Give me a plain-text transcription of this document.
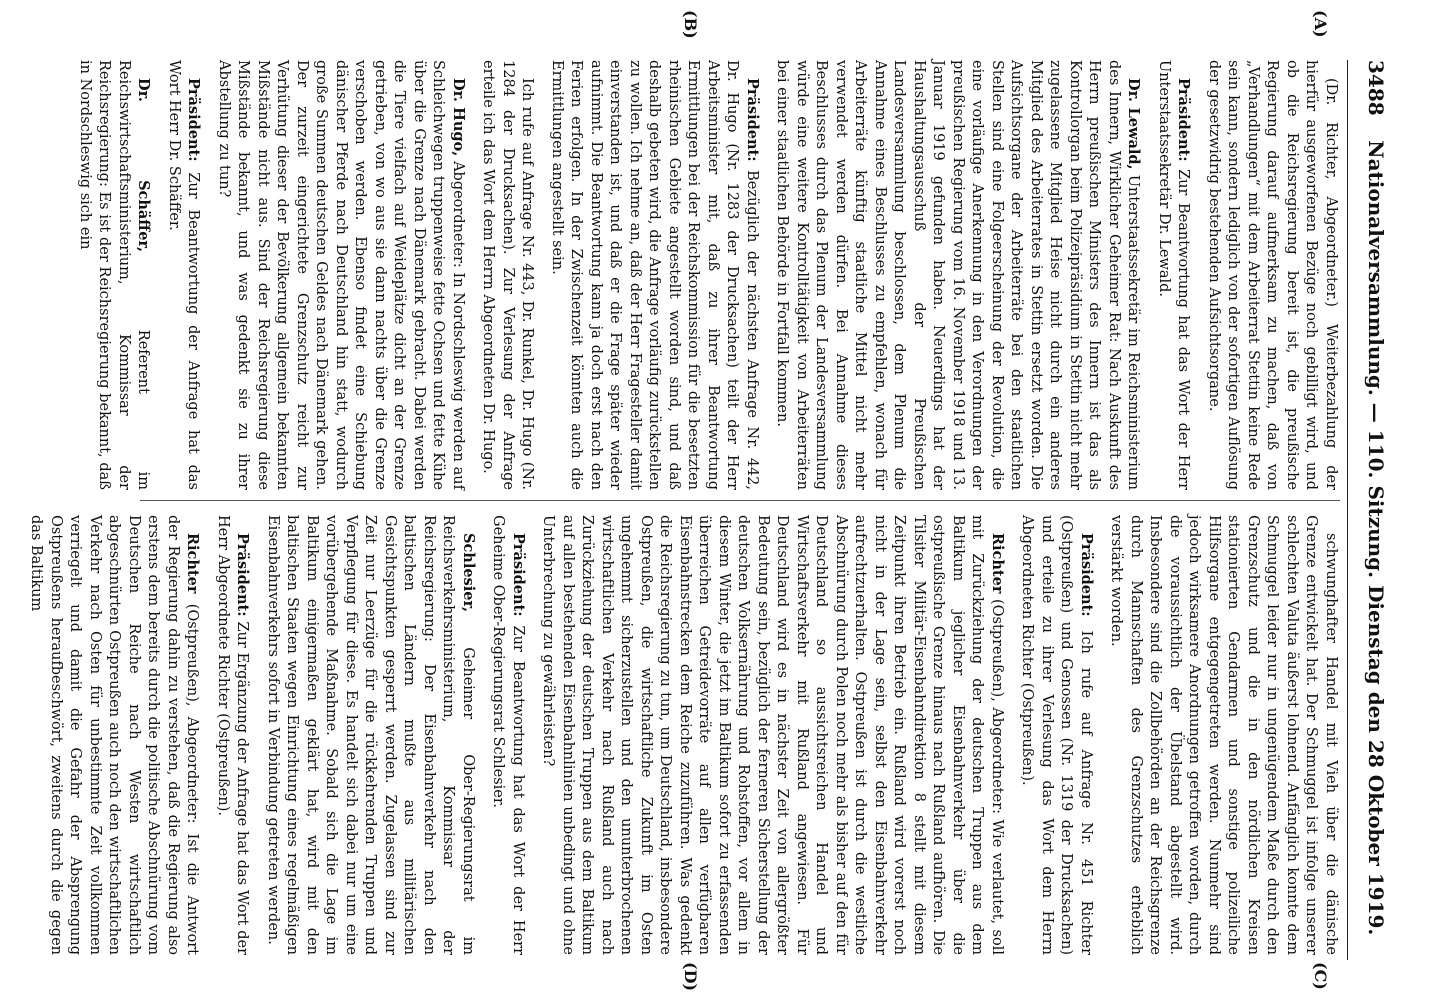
3488
Nationalversammlung. — 110. Sitzung. Dienstag den 28 Oktober 1919.
(A)
(B)
(C)
(D)

(Dr. Richter, Abgeordneter.) Weiterbezahlung der hierfür ausgeworfenen Bezüge noch gebilligt wird, und ob die Reichsregierung bereit ist, die preußische Regierung darauf aufmerksam zu machen, daß von „Verhandlungen“ mit dem Arbeiterrat Stettin keine Rede sein kann, sondern lediglich von der sofortigen Auflösung der gesetzwidrig bestehenden Aufsichtsorgane.

Präsident: Zur Beantwortung hat das Wort der Herr Unterstaatssekretär Dr. Lewald.

Dr. Lewald, Unterstaatssekretär im Reichsministerium des Innern, Wirklicher Geheimer Rat: Nach Auskunft des Herrn preußischen Ministers des Innern ist das als Kontrollorgan beim Polizeipräsidium in Stettin nicht mehr zugelassene Mitglied Heise nicht durch ein anderes Mitglied des Arbeiterrates in Stettin ersetzt worden. Die Aufsichtsorgane der Arbeiterräte bei den staatlichen Stellen sind eine Folgeerscheinung der Revolution, die eine vorläufige Anerkennung in den Verordnungen der preußischen Regierung vom 16. November 1918 und 13. Januar 1919 gefunden haben. Neuerdings hat der Haushaltungsausschuß der Preußischen Landesversammlung beschlossen, dem Plenum die Annahme eines Beschlusses zu empfehlen, wonach für Arbeiterräte künftig staatliche Mittel nicht mehr verwendet werden dürfen. Bei Annahme dieses Beschlusses durch das Plenum der Landesversammlung würde eine weitere Kontrolltätigkeit von Arbeiterräten bei einer staatlichen Behörde in Fortfall kommen.

Präsident: Bezüglich der nächsten Anfrage Nr. 442, Dr. Hugo (Nr. 1283 der Drucksachen) teilt der Herr Arbeitsminister mit, daß zu ihrer Beantwortung Ermittlungen bei der Reichskommission für die besetzten rheinischen Gebiete angestellt worden sind, und daß deshalb gebeten wird, die Anfrage vorläufig zurückstellen zu wollen. Ich nehme an, daß der Herr Fragesteller damit einverstanden ist, und daß er die Frage später wieder aufnimmt. Die Beantwortung kann ja doch erst nach den Ferien erfolgen. In der Zwischenzeit könnten auch die Ermittlungen angestellt sein.

Ich rufe auf Anfrage Nr. 443, Dr. Runkel, Dr. Hugo (Nr. 1284 der Drucksachen). Zur Verlesung der Anfrage erteile ich das Wort dem Herrn Abgeordneten Dr. Hugo.

Dr. Hugo, Abgeordneter: In Nordschleswig werden auf Schleichwegen truppenweise fette Ochsen und fette Kühe über die Grenze nach Dänemark gebracht. Dabei werden die Tiere vielfach auf Weideplätze dicht an der Grenze getrieben, von wo aus sie dann nachts über die Grenze verschoben werden. Ebenso findet eine Schiebung dänischer Pferde nach Deutschland hin statt, wodurch große Summen deutschen Geldes nach Dänemark gehen. Der zurzeit eingerichtete Grenzschutz reicht zur Verhütung dieser der Bevölkerung allgemein bekannten Mißstände nicht aus. Sind der Reichsregierung diese Mißstände bekannt, und was gedenkt sie zu ihrer Abstellung zu tun?

Präsident: Zur Beantwortung der Anfrage hat das Wort Herr Dr. Schäffer.

Dr. Schäffer, Referent im Reichswirtschaftsministerium, Kommissar der Reichsregierung: Es ist der Reichsregierung bekannt, daß in Nordschleswig sich ein

schwunghafter Handel mit Vieh über die dänische Grenze entwickelt hat. Der Schmuggel ist infolge unserer schlechten Valuta äußerst lohnend. Anfänglich konnte dem Schmuggel leider nur in ungenügendem Maße durch den Grenzschutz und die in den nördlichen Kreisen stationierten Gendarmen und sonstige polizeiliche Hilfsorgane entgegengetreten werden. Nunmehr sind jedoch wirksamere Anordnungen getroffen worden, durch die voraussichtlich der Übelstand abgestellt wird. Insbesondere sind die Zollbehörden an der Reichsgrenze durch Mannschaften des Grenzschutzes erheblich verstärkt worden.

Präsident: Ich rufe auf Anfrage Nr. 451 Richter (Ostpreußen) und Genossen (Nr. 1319 der Drucksachen) und erteile zu ihrer Verlesung das Wort dem Herrn Abgeordneten Richter (Ostpreußen).

Richter (Ostpreußen), Abgeordneter: Wie verlautet, soll mit Zurückziehung der deutschen Truppen aus dem Baltikum jeglicher Eisenbahnverkehr über die ostpreußische Grenze hinaus nach Rußland aufhören. Die Tilsiter Militär-Eisenbahndirektion 8 stellt mit diesem Zeitpunkt ihren Betrieb ein. Rußland wird vorerst noch nicht in der Lage sein, selbst den Eisenbahnverkehr aufrechtzuerhalten. Ostpreußen ist durch die westliche Abschnürung durch Polen noch mehr als bisher auf den für Deutschland so aussichtsreichen Handel und Wirtschaftsverkehr mit Rußland angewiesen. Für Deutschland wird es in nächster Zeit von allergrößter Bedeutung sein, bezüglich der ferneren Sicherstellung der deutschen Volksernährung und Rohstoffen, vor allem in diesem Winter, die jetzt im Baltikum sofort zu erfassenden überreichen Getreidevorräte auf allen verfügbaren Eisenbahnstrecken dem Reiche zuzuführen. Was gedenkt die Reichsregierung zu tun, um Deutschland, insbesondere Ostpreußen, die wirtschaftliche Zukunft im Osten ungehemmt sicherzustellen und den ununterbrochenen wirtschaftlichen Verkehr nach Rußland auch nach Zurückziehung der deutschen Truppen aus dem Baltikum auf allen bestehenden Eisenbahnlinien unbedingt und ohne Unterbrechung zu gewährleisten?

Präsident: Zur Beantwortung hat das Wort der Herr Geheime Ober-Regierungsrat Schlesier.

Schlesier, Geheimer Ober-Regierungsrat im Reichsverkehrsministerium, Kommissar der Reichsregierung: Der Eisenbahnverkehr nach den baltischen Ländern mußte aus militärischen Gesichtspunkten gesperrt werden. Zugelassen sind zur Zeit nur Leerzüge für die rückkehrenden Truppen und Verpflegung für diese. Es handelt sich dabei nur um eine vorübergehende Maßnahme. Sobald sich die Lage im Baltikum einigermaßen geklärt hat, wird mit den baltischen Staaten wegen Einrichtung eines regelmäßigen Eisenbahnverkehrs sofort in Verbindung getreten werden.

Präsident: Zur Ergänzung der Anfrage hat das Wort der Herr Abgeordnete Richter (Ostpreußen).

Richter (Ostpreußen), Abgeordneter: Ist die Antwort der Regierung dahin zu verstehen, daß die Regierung also erstens dem bereits durch die politische Abschnürung vom Deutschen Reiche nach Westen wirtschaftlich abgeschnürten Ostpreußen auch noch den wirtschaftlichen Verkehr nach Osten für unbestimmte Zeit vollkommen verriegelt und damit die Gefahr der Absprengung Ostpreußens heraufbeschwört, zweitens durch die gegen das Baltikum
